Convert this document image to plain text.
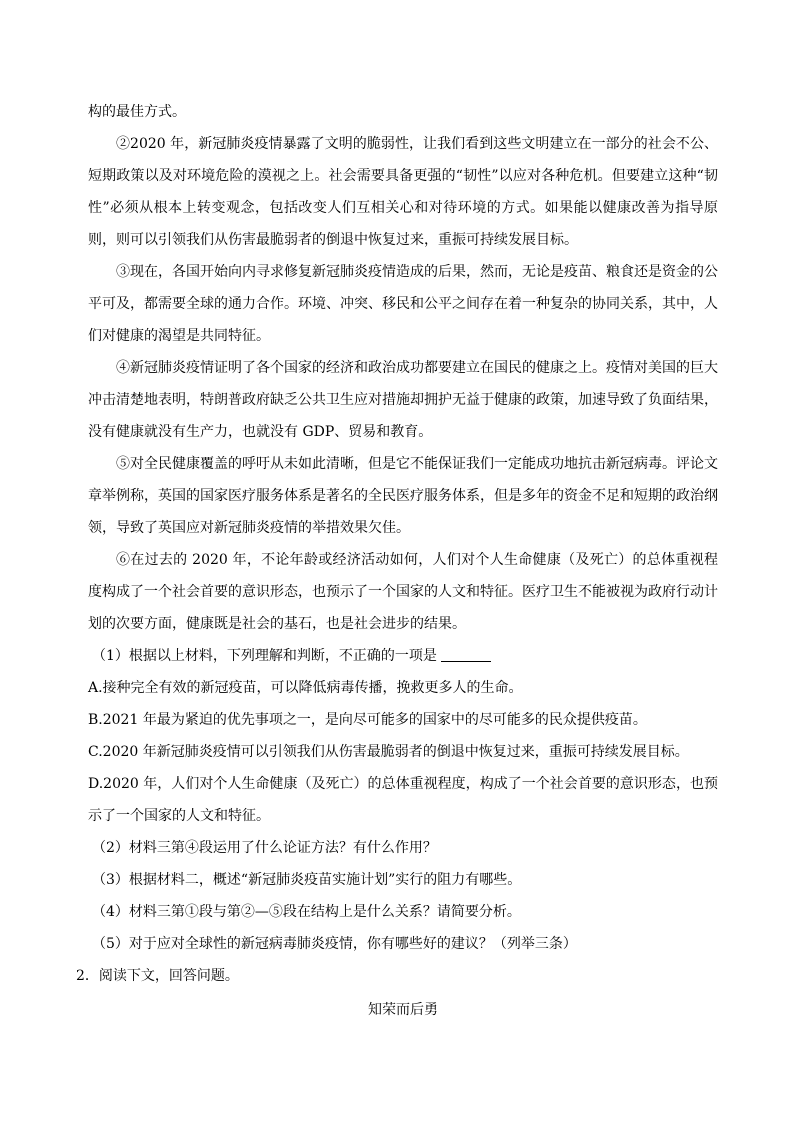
构的最佳方式。
②2020 年，新冠肺炎疫情暴露了文明的脆弱性，让我们看到这些文明建立在一部分的社会不公、短期政策以及对环境危险的漠视之上。社会需要具备更强的“韧性”以应对各种危机。但要建立这种“韧性”必须从根本上转变观念，包括改变人们互相关心和对待环境的方式。如果能以健康改善为指导原则，则可以引领我们从伤害最脆弱者的倒退中恢复过来，重振可持续发展目标。
③现在，各国开始向内寻求修复新冠肺炎疫情造成的后果，然而，无论是疫苗、粮食还是资金的公平可及，都需要全球的通力合作。环境、冲突、移民和公平之间存在着一种复杂的协同关系，其中，人们对健康的渴望是共同特征。
④新冠肺炎疫情证明了各个国家的经济和政治成功都要建立在国民的健康之上。疫情对美国的巨大冲击清楚地表明，特朗普政府缺乏公共卫生应对措施却拥护无益于健康的政策，加速导致了负面结果，没有健康就没有生产力，也就没有 GDP、贸易和教育。
⑤对全民健康覆盖的呼吁从未如此清晰，但是它不能保证我们一定能成功地抗击新冠病毒。评论文章举例称，英国的国家医疗服务体系是著名的全民医疗服务体系，但是多年的资金不足和短期的政治纲领，导致了英国应对新冠肺炎疫情的举措效果欠佳。
⑥在过去的 2020 年，不论年龄或经济活动如何，人们对个人生命健康（及死亡）的总体重视程度构成了一个社会首要的意识形态，也预示了一个国家的人文和特征。医疗卫生不能被视为政府行动计划的次要方面，健康既是社会的基石，也是社会进步的结果。
（1）根据以上材料，下列理解和判断，不正确的一项是
A.接种完全有效的新冠疫苗，可以降低病毒传播，挽救更多人的生命。
B.2021 年最为紧迫的优先事项之一，是向尽可能多的国家中的尽可能多的民众提供疫苗。
C.2020 年新冠肺炎疫情可以引领我们从伤害最脆弱者的倒退中恢复过来，重振可持续发展目标。
D.2020 年，人们对个人生命健康（及死亡）的总体重视程度，构成了一个社会首要的意识形态，也预示了一个国家的人文和特征。
（2）材料三第④段运用了什么论证方法？有什么作用？
（3）根据材料二，概述“新冠肺炎疫苗实施计划”实行的阻力有哪些。
（4）材料三第①段与第②—⑤段在结构上是什么关系？请简要分析。
（5）对于应对全球性的新冠病毒肺炎疫情，你有哪些好的建议？（列举三条）
2．阅读下文，回答问题。
知荣而后勇
